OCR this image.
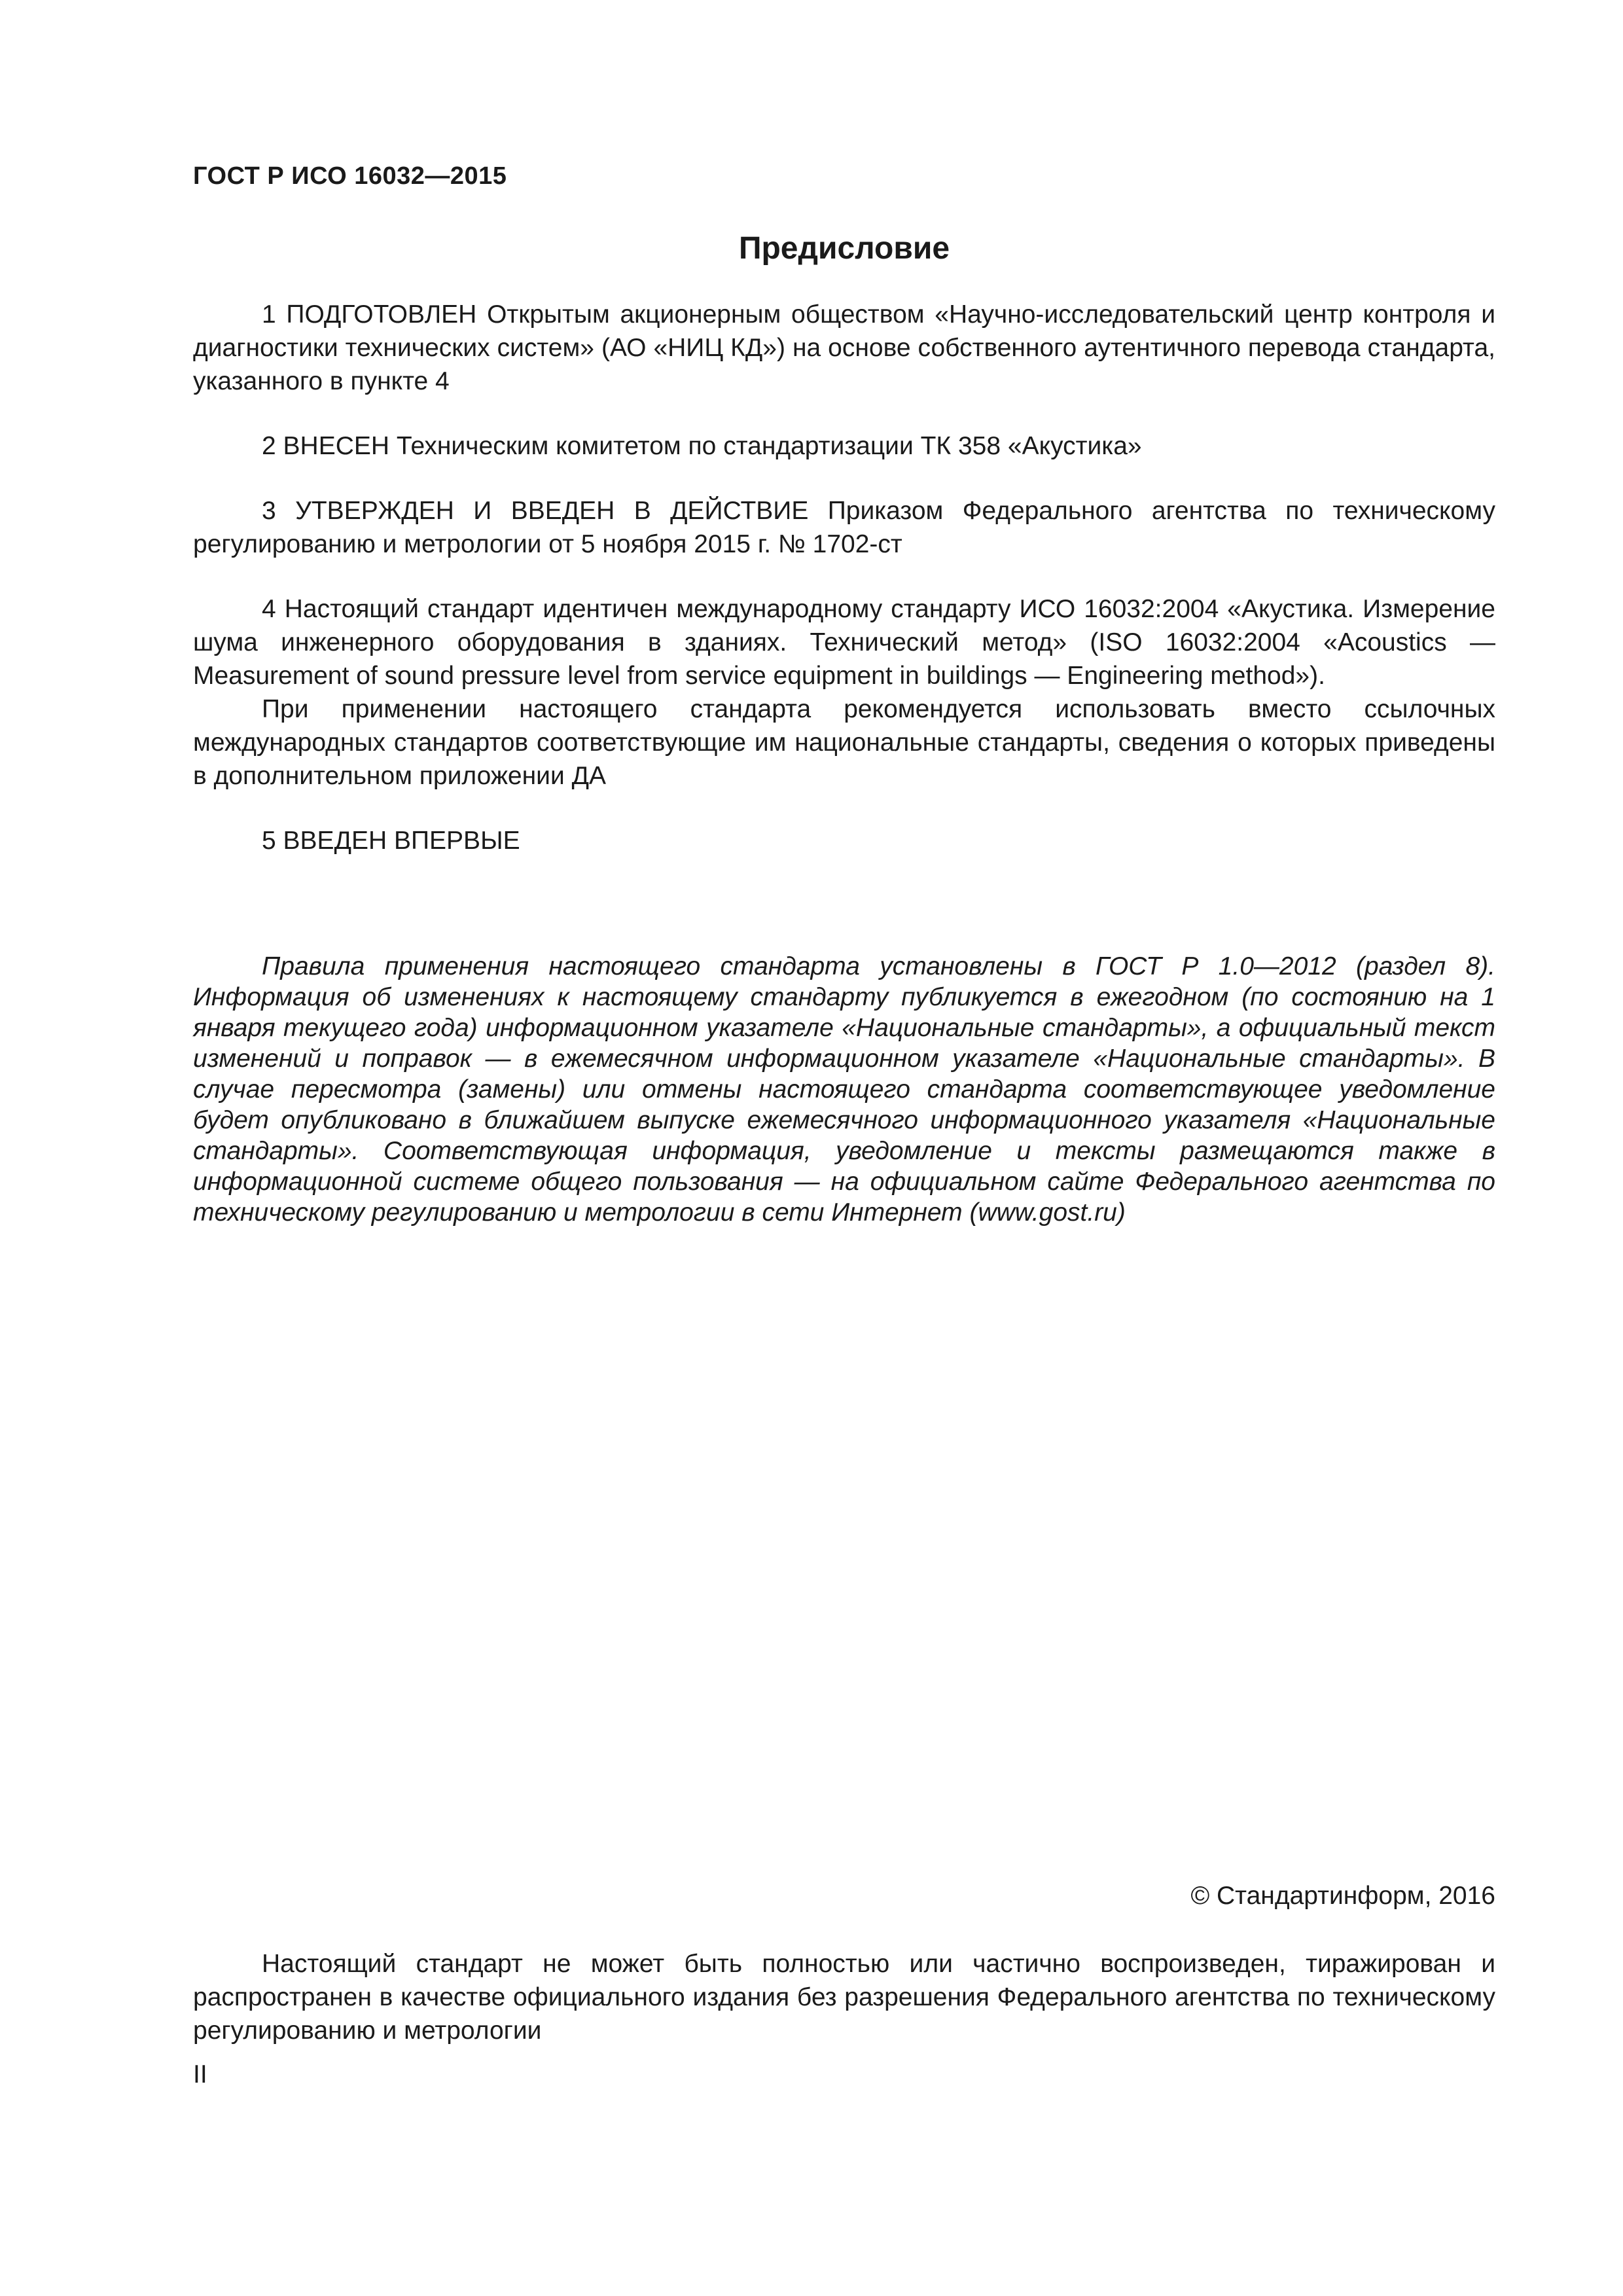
ГОСТ Р ИСО 16032—2015
Предисловие

1 ПОДГОТОВЛЕН Открытым акционерным обществом «Научно-исследовательский центр контроля и диагностики технических систем» (АО «НИЦ КД») на основе собственного аутентичного перевода стандарта, указанного в пункте 4

2 ВНЕСЕН Техническим комитетом по стандартизации ТК 358 «Акустика»

3 УТВЕРЖДЕН И ВВЕДЕН В ДЕЙСТВИЕ Приказом Федерального агентства по техническому регулированию и метрологии от 5 ноября 2015 г. № 1702-ст

4 Настоящий стандарт идентичен международному стандарту ИСО 16032:2004 «Акустика. Измерение шума инженерного оборудования в зданиях. Технический метод» (ISO 16032:2004 «Acoustics — Measurement of sound pressure level from service equipment in buildings — Engineering method»).

При применении настоящего стандарта рекомендуется использовать вместо ссылочных международных стандартов соответствующие им национальные стандарты, сведения о которых приведены в дополнительном приложении ДА

5 ВВЕДЕН ВПЕРВЫЕ

Правила применения настоящего стандарта установлены в ГОСТ Р 1.0—2012 (раздел 8). Информация об изменениях к настоящему стандарту публикуется в ежегодном (по состоянию на 1 января текущего года) информационном указателе «Национальные стандарты», а официальный текст изменений и поправок — в ежемесячном информационном указателе «Национальные стандарты». В случае пересмотра (замены) или отмены настоящего стандарта соответствующее уведомление будет опубликовано в ближайшем выпуске ежемесячного информационного указателя «Национальные стандарты». Соответствующая информация, уведомление и тексты размещаются также в информационной системе общего пользования — на официальном сайте Федерального агентства по техническому регулированию и метрологии в сети Интернет (www.gost.ru)

© Стандартинформ, 2016

Настоящий стандарт не может быть полностью или частично воспроизведен, тиражирован и распространен в качестве официального издания без разрешения Федерального агентства по техническому регулированию и метрологии

II
